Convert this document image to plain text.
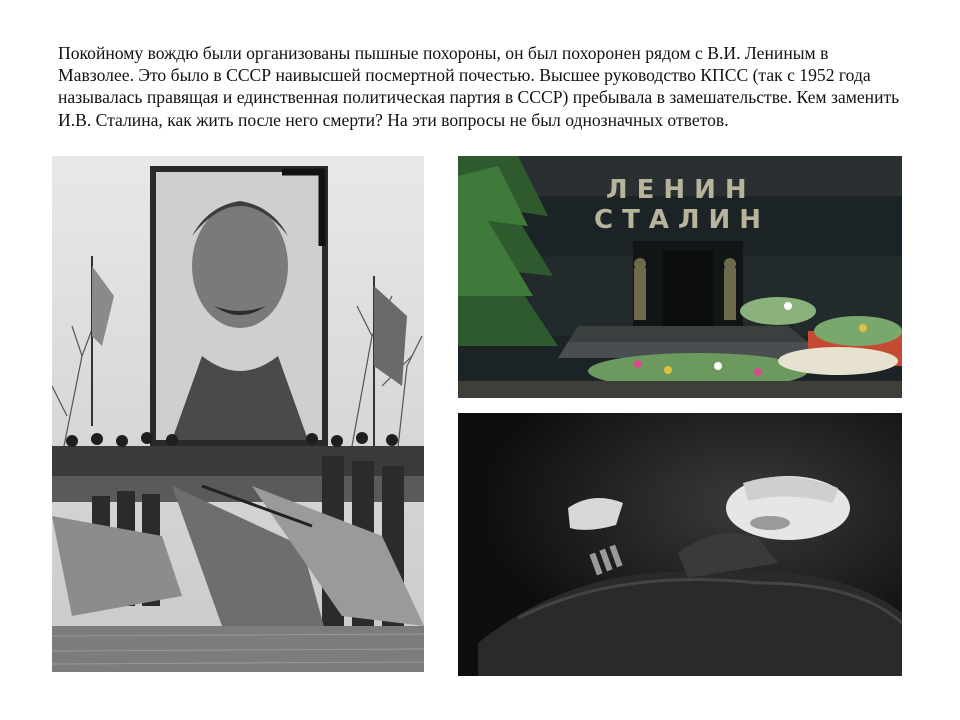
Покойному вождю были организованы пышные похороны, он был похоронен рядом с В.И. Лениным в Мавзолее. Это было в СССР наивысшей посмертной почестью. Высшее руководство КПСС (так с 1952 года называлась правящая и единственная политическая партия в СССР) пребывала в замешательстве. Кем заменить И.В. Сталина, как жить после него смерти? На эти вопросы не был однозначных ответов.
ЛЕНИН
СТАЛИН
